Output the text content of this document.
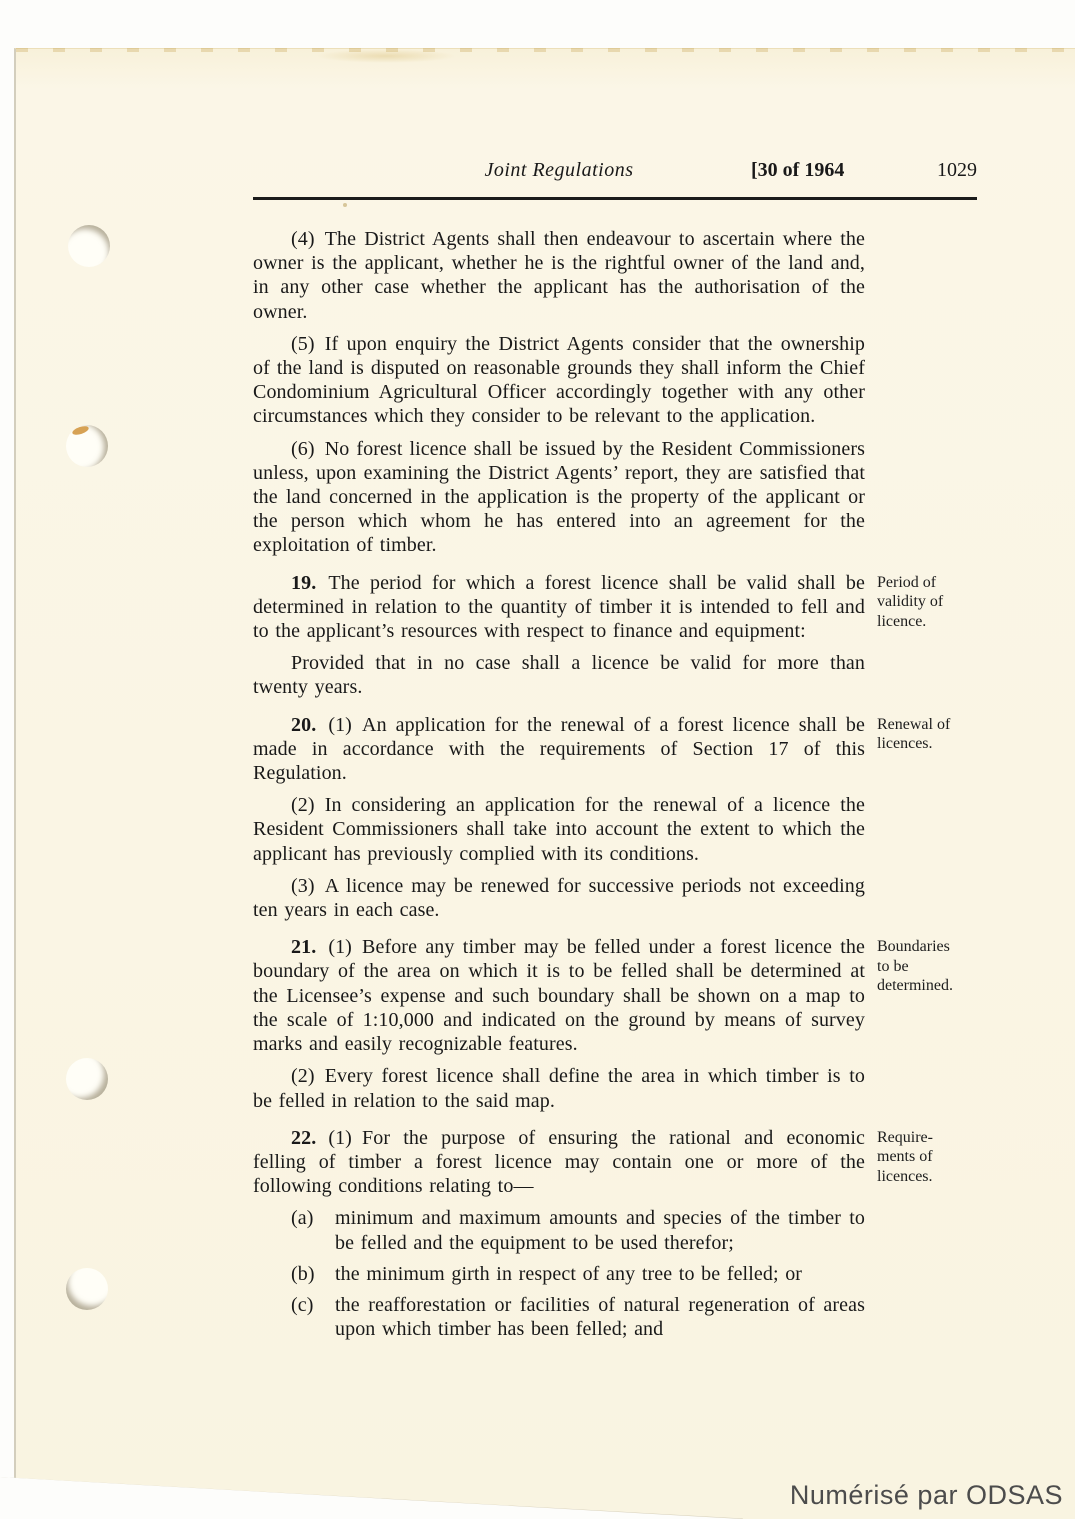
Joint Regulations	[30 of 1964	1029

(4) The District Agents shall then endeavour to ascertain where the owner is the applicant, whether he is the rightful owner of the land and, in any other case whether the applicant has the authorisation of the owner.

(5) If upon enquiry the District Agents consider that the ownership of the land is disputed on reasonable grounds they shall inform the Chief Condominium Agricultural Officer accordingly together with any other circumstances which they consider to be relevant to the application.

(6) No forest licence shall be issued by the Resident Commissioners unless, upon examining the District Agents’ report, they are satisfied that the land concerned in the application is the property of the applicant or the person which whom he has entered into an agreement for the exploitation of timber.

19. The period for which a forest licence shall be valid shall be determined in relation to the quantity of timber it is intended to fell and to the applicant’s resources with respect to finance and equipment:

Period of
validity of
licence.

Provided that in no case shall a licence be valid for more than twenty years.

20. (1) An application for the renewal of a forest licence shall be made in accordance with the requirements of Section 17 of this Regulation.

Renewal of
licences.

(2) In considering an application for the renewal of a licence the Resident Commissioners shall take into account the extent to which the applicant has previously complied with its conditions.

(3) A licence may be renewed for successive periods not exceeding ten years in each case.

21. (1) Before any timber may be felled under a forest licence the boundary of the area on which it is to be felled shall be determined at the Licensee’s expense and such boundary shall be shown on a map to the scale of 1:10,000 and indicated on the ground by means of survey marks and easily recognizable features.

Boundaries
to be
determined.

(2) Every forest licence shall define the area in which timber is to be felled in relation to the said map.

22. (1) For the purpose of ensuring the rational and economic felling of timber a forest licence may contain one or more of the following conditions relating to—

Require-
ments of
licences.
(a)	minimum and maximum amounts and species of the timber to be felled and the equipment to be used therefor;
(b)	the minimum girth in respect of any tree to be felled; or
(c)	the reafforestation or facilities of natural regeneration of areas upon which timber has been felled; and
Numérisé par ODSAS
